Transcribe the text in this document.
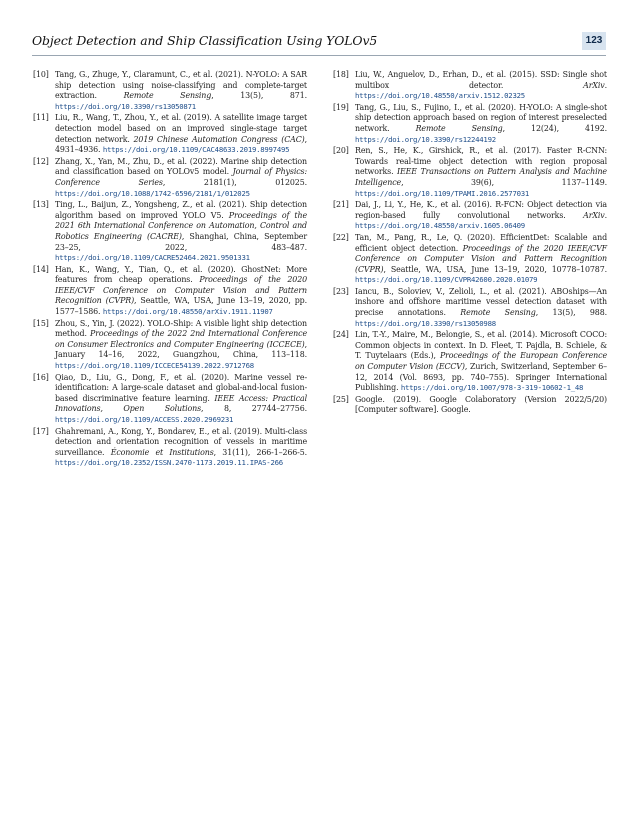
Object Detection and Ship Classification Using YOLOv5	123
[10] Tang, G., Zhuge, Y., Claramunt, C., et al. (2021). N-YOLO: A SAR ship detection using noise-classifying and complete-target extraction. Remote Sensing, 13(5), 871. https://doi.org/10.3390/rs13050871
[11] Liu, R., Wang, T., Zhou, Y., et al. (2019). A satellite image target detection model based on an improved single-stage target detection network. 2019 Chinese Automation Congress (CAC), 4931–4936. https://doi.org/10.1109/CAC48633.2019.8997495
[12] Zhang, X., Yan, M., Zhu, D., et al. (2022). Marine ship detection and classification based on YOLOv5 model. Journal of Physics: Conference Series, 2181(1), 012025. https://doi.org/10.1088/1742-6596/2181/1/012025
[13] Ting, L., Baijun, Z., Yongsheng, Z., et al. (2021). Ship detection algorithm based on improved YOLO V5. Proceedings of the 2021 6th International Conference on Automation, Control and Robotics Engineering (CACRE), Shanghai, China, September 23–25, 2022, 483–487. https://doi.org/10.1109/CACRE52464.2021.9501331
[14] Han, K., Wang, Y., Tian, Q., et al. (2020). GhostNet: More features from cheap operations. Proceedings of the 2020 IEEE/CVF Conference on Computer Vision and Pattern Recognition (CVPR), Seattle, WA, USA, June 13–19, 2020, pp. 1577–1586. https://doi.org/10.48550/arXiv.1911.11907
[15] Zhou, S., Yin, J. (2022). YOLO-Ship: A visible light ship detection method. Proceedings of the 2022 2nd International Conference on Consumer Electronics and Computer Engineering (ICCECE), January 14–16, 2022, Guangzhou, China, 113–118. https://doi.org/10.1109/ICCECE54139.2022.9712768
[16] Qiao, D., Liu, G., Dong, F., et al. (2020). Marine vessel re-identification: A large-scale dataset and global-and-local fusion-based discriminative feature learning. IEEE Access: Practical Innovations, Open Solutions, 8, 27744–27756. https://doi.org/10.1109/ACCESS.2020.2969231
[17] Ghahremani, A., Kong, Y., Bondarev, E., et al. (2019). Multi-class detection and orientation recognition of vessels in maritime surveillance. Économie et Institutions, 31(11), 266-1–266-5. https://doi.org/10.2352/ISSN.2470-1173.2019.11.IPAS-266
[18] Liu, W., Anguelov, D., Erhan, D., et al. (2015). SSD: Single shot multibox detector. ArXiv. https://doi.org/10.48550/arxiv.1512.02325
[19] Tang, G., Liu, S., Fujino, I., et al. (2020). H-YOLO: A single-shot ship detection approach based on region of interest preselected network. Remote Sensing, 12(24), 4192. https://doi.org/10.3390/rs12244192
[20] Ren, S., He, K., Girshick, R., et al. (2017). Faster R-CNN: Towards real-time object detection with region proposal networks. IEEE Transactions on Pattern Analysis and Machine Intelligence, 39(6), 1137–1149. https://doi.org/10.1109/TPAMI.2016.2577031
[21] Dai, J., Li, Y., He, K., et al. (2016). R-FCN: Object detection via region-based fully convolutional networks. ArXiv. https://doi.org/10.48550/arxiv.1605.06409
[22] Tan, M., Pang, R., Le, Q. (2020). EfficientDet: Scalable and efficient object detection. Proceedings of the 2020 IEEE/CVF Conference on Computer Vision and Pattern Recognition (CVPR), Seattle, WA, USA, June 13–19, 2020, 10778–10787. https://doi.org/10.1109/CVPR42600.2020.01079
[23] Iancu, B., Soloviev, V., Zelioli, L., et al. (2021). ABOships—An inshore and offshore maritime vessel detection dataset with precise annotations. Remote Sensing, 13(5), 988. https://doi.org/10.3390/rs13050988
[24] Lin, T.-Y., Maire, M., Belongie, S., et al. (2014). Microsoft COCO: Common objects in context. In D. Fleet, T. Pajdla, B. Schiele, & T. Tuytelaars (Eds.), Proceedings of the European Conference on Computer Vision (ECCV), Zurich, Switzerland, September 6–12, 2014 (Vol. 8693, pp. 740–755). Springer International Publishing. https://doi.org/10.1007/978-3-319-10602-1_48
[25] Google. (2019). Google Colaboratory (Version 2022/5/20) [Computer software]. Google.
